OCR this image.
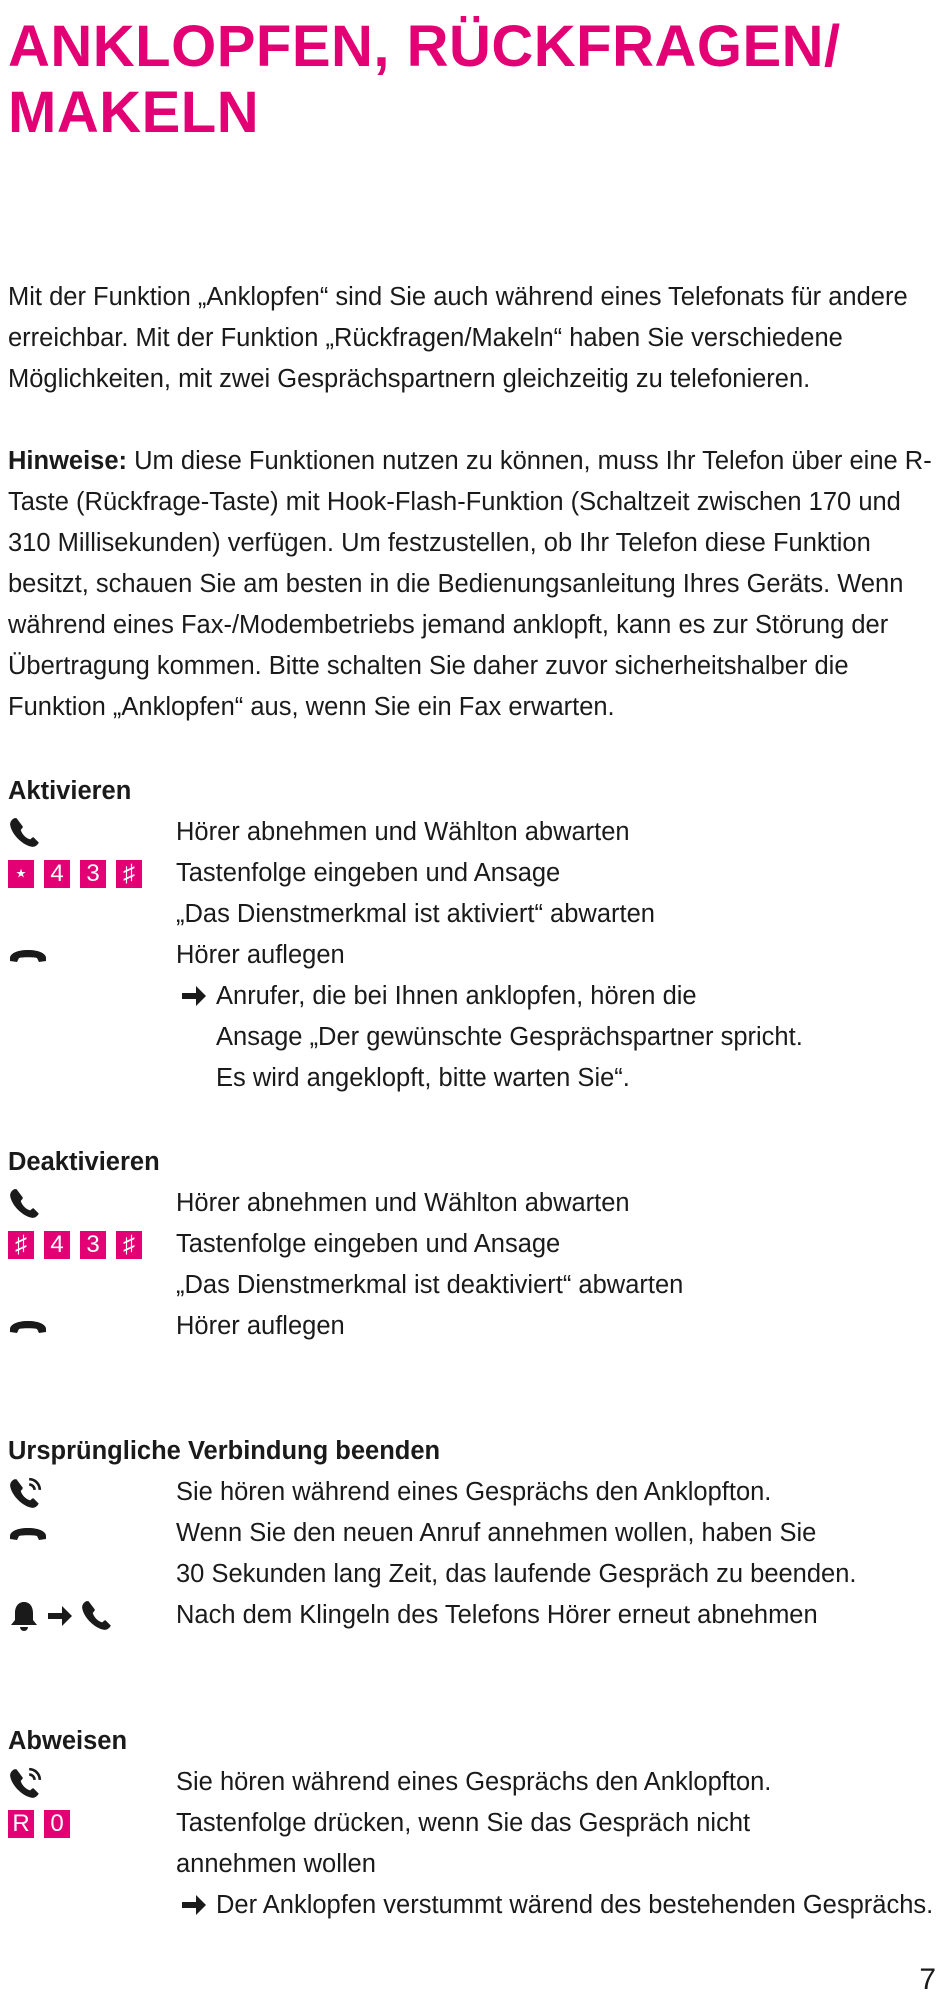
ANKLOPFEN, RÜCKFRAGEN/ MAKELN

Mit der Funktion „Anklopfen“ sind Sie auch während eines Telefonats für andere erreichbar. Mit der Funktion „Rückfragen/Makeln“ haben Sie verschiedene Möglichkeiten, mit zwei Gesprächspartnern gleichzeitig zu telefonieren.

Hinweise: Um diese Funktionen nutzen zu können, muss Ihr Telefon über eine R-Taste (Rückfrage-Taste) mit Hook-Flash-Funktion (Schaltzeit zwischen 170 und 310 Millisekunden) verfügen. Um festzustellen, ob Ihr Telefon diese Funktion besitzt, schauen Sie am besten in die Bedienungsanleitung Ihres Geräts. Wenn während eines Fax-/Modembetriebs jemand anklopft, kann es zur Störung der Übertragung kommen. Bitte schalten Sie daher zuvor sicherheitshalber die Funktion „Anklopfen“ aus, wenn Sie ein Fax erwarten.

Aktivieren
Hörer abnehmen und Wählton abwarten
⋆ 4 3 ♯ Tastenfolge eingeben und Ansage
„Das Dienstmerkmal ist aktiviert“ abwarten
Hörer auflegen
Anrufer, die bei Ihnen anklopfen, hören die
Ansage „Der gewünschte Gesprächspartner spricht.
Es wird angeklopft, bitte warten Sie“.
Deaktivieren
Hörer abnehmen und Wählton abwarten
♯ 4 3 ♯ Tastenfolge eingeben und Ansage
„Das Dienstmerkmal ist deaktiviert“ abwarten
Hörer auflegen
Ursprüngliche Verbindung beenden
Sie hören während eines Gesprächs den Anklopfton.
Wenn Sie den neuen Anruf annehmen wollen, haben Sie
30 Sekunden lang Zeit, das laufende Gespräch zu beenden.
Nach dem Klingeln des Telefons Hörer erneut abnehmen
Abweisen
Sie hören während eines Gesprächs den Anklopfton.
R 0	Tastenfolge drücken, wenn Sie das Gespräch nicht
annehmen wollen
Der Anklopfen verstummt wärend des bestehenden Gesprächs.
7
